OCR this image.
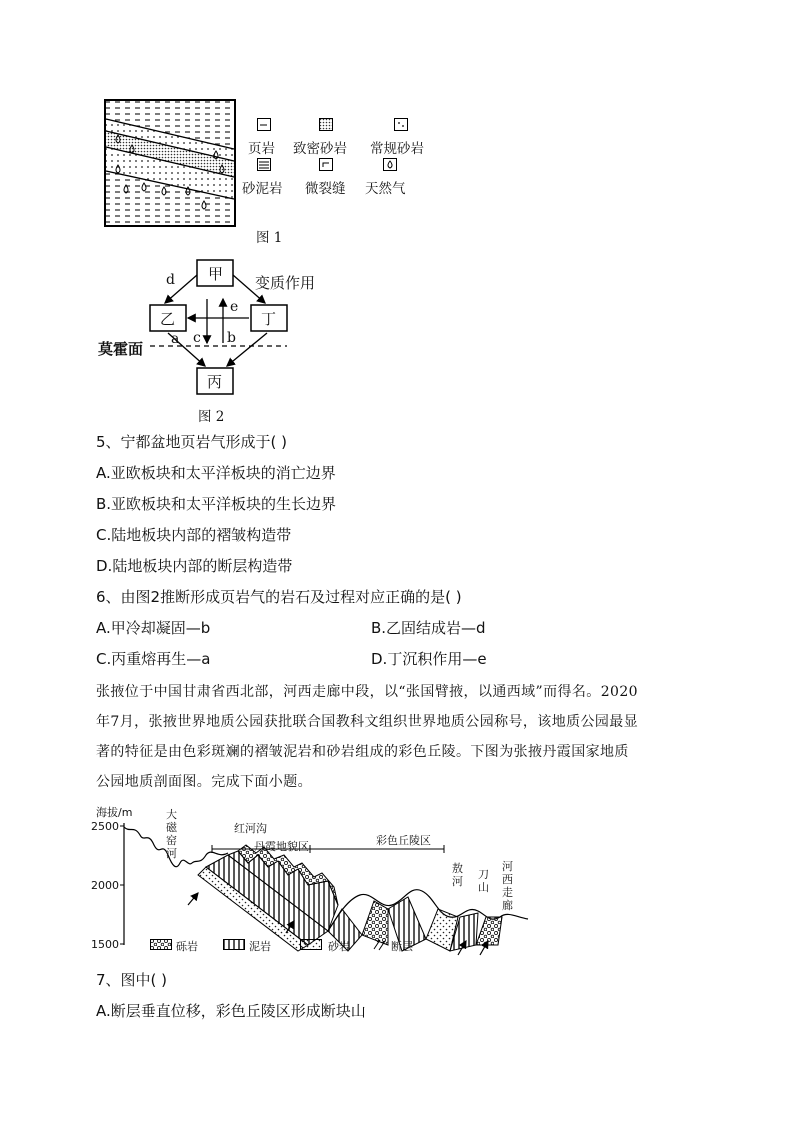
页岩 致密砂岩 常规砂岩
砂泥岩 微裂缝 天然气
图 1
甲
乙	丁
丙
d
e
c b
a
变质作用
莫霍面
图 2
5、宁都盆地页岩气形成于( )
A.亚欧板块和太平洋板块的消亡边界
B.亚欧板块和太平洋板块的生长边界
C.陆地板块内部的褶皱构造带
D.陆地板块内部的断层构造带
6、由图2推断形成页岩气的岩石及过程对应正确的是( )
A.甲冷却凝固—b	B.乙固结成岩—d
C.丙重熔再生—a	D.丁沉积作用—e
张掖位于中国甘肃省西北部，河西走廊中段，以“张国臂掖，以通西域”而得名。2020
年7月，张掖世界地质公园获批联合国教科文组织世界地质公园称号，该地质公园最显
著的特征是由色彩斑斓的褶皱泥岩和砂岩组成的彩色丘陵。下图为张掖丹霞国家地质
公园地质剖面图。完成下面小题。
海拔/m
2500
2000
1500
大磁窑河
红河沟
丹霞地貌区	彩色丘陵区
敖河
刀山
河西走廊
砾岩	泥岩	砂岩	断层
7、图中( )
A.断层垂直位移，彩色丘陵区形成断块山
